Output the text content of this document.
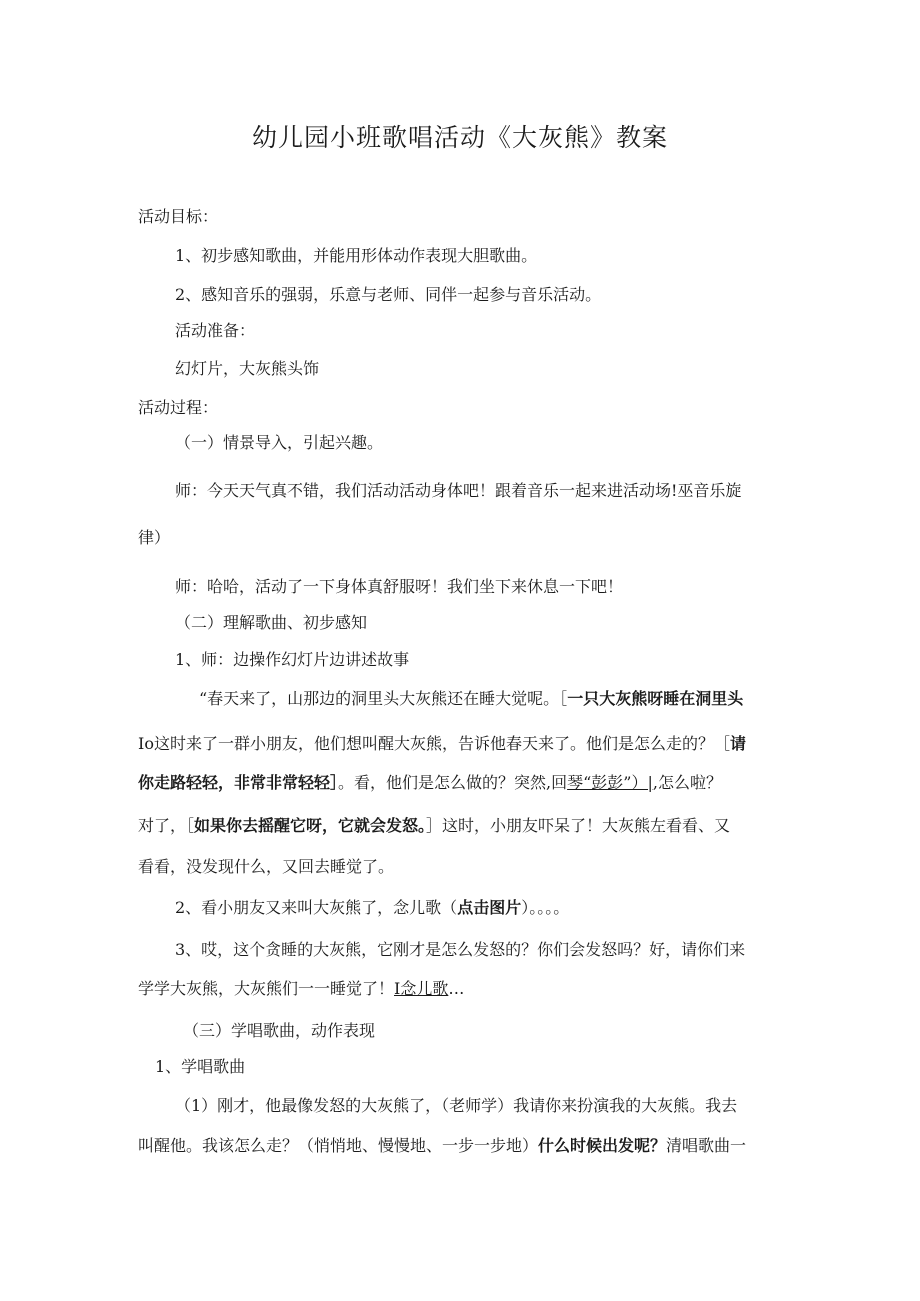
幼儿园小班歌唱活动《大灰熊》教案

活动目标：

1、初步感知歌曲，并能用形体动作表现大胆歌曲。

2、感知音乐的强弱，乐意与老师、同伴一起参与音乐活动。

活动准备：

幻灯片，大灰熊头饰

活动过程：

（一）情景导入，引起兴趣。

师：今天天气真不错，我们活动活动身体吧！跟着音乐一起来进活动场!巫音乐旋

律）

师：哈哈，活动了一下身体真舒服呀！我们坐下来休息一下吧！

（二）理解歌曲、初步感知

1、师：边操作幻灯片边讲述故事

“春天来了，山那边的洞里头大灰熊还在睡大觉呢。［一只大灰熊呀睡在洞里头

Io这时来了一群小朋友，他们想叫醒大灰熊，告诉他春天来了。他们是怎么走的？［请

你走路轻轻，非常非常轻轻］。看，他们是怎么做的？突然,回琴“彭彭”）|,怎么啦？

对了，［如果你去摇醒它呀，它就会发怒。］这时，小朋友吓呆了！大灰熊左看看、又

看看，没发现什么，又回去睡觉了。

2、看小朋友又来叫大灰熊了，念儿歌（点击图片）。。。。

3、哎，这个贪睡的大灰熊，它刚才是怎么发怒的？你们会发怒吗？好，请你们来

学学大灰熊，大灰熊们一一睡觉了！I念儿歌…

（三）学唱歌曲，动作表现

1、学唱歌曲

（1）刚才，他最像发怒的大灰熊了，（老师学）我请你来扮演我的大灰熊。我去

叫醒他。我该怎么走？（悄悄地、慢慢地、一步一步地）什么时候出发呢？清唱歌曲一
